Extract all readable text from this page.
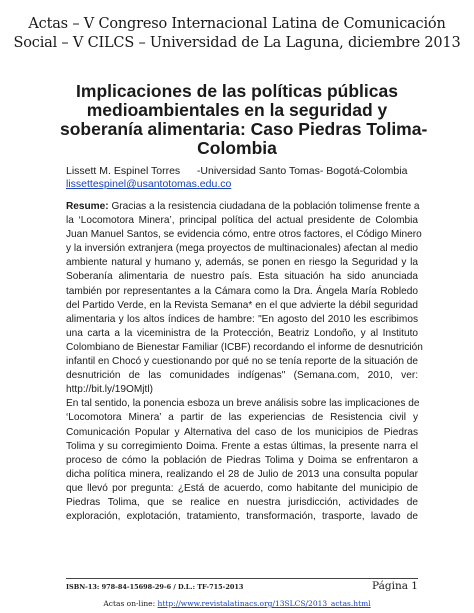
Actas – V Congreso Internacional Latina de Comunicación
Social – V CILCS – Universidad de La Laguna, diciembre 2013
Implicaciones de las políticas públicas
medioambientales en la seguridad y
soberanía alimentaria: Caso Piedras Tolima-
Colombia
Lissett M. Espinel Torres -Universidad Santo Tomas- Bogotá-Colombia
lissettespinel@usantotomas.edu.co
Resume: Gracias a la resistencia ciudadana de la población tolimense frente a
la ‘Locomotora Minera’, principal política del actual presidente de Colombia
Juan Manuel Santos, se evidencia cómo, entre otros factores, el Código Minero
y la inversión extranjera (mega proyectos de multinacionales) afectan al medio
ambiente natural y humano y, además, se ponen en riesgo la Seguridad y la
Soberanía alimentaria de nuestro país. Esta situación ha sido anunciada
también por representantes a la Cámara como la Dra. Ángela María Robledo
del Partido Verde, en la Revista Semana* en el que advierte la débil seguridad
alimentaria y los altos índices de hambre: "En agosto del 2010 les escribimos
una carta a la viceministra de la Protección, Beatriz Londoño, y al Instituto
Colombiano de Bienestar Familiar (ICBF) recordando el informe de desnutrición
infantil en Chocó y cuestionando por qué no se tenía reporte de la situación de
desnutrición de las comunidades indígenas" (Semana.com, 2010, ver:
http://bit.ly/19OMjtl)
En tal sentido, la ponencia esboza un breve análisis sobre las implicaciones de
‘Locomotora Minera’ a partir de las experiencias de Resistencia civil y
Comunicación Popular y Alternativa del caso de los municipios de Piedras
Tolima y su corregimiento Doima. Frente a estas últimas, la presente narra el
proceso de cómo la población de Piedras Tolima y Doima se enfrentaron a
dicha política minera, realizando el 28 de Julio de 2013 una consulta popular
que llevó por pregunta: ¿Está de acuerdo, como habitante del municipio de
Piedras Tolima, que se realice en nuestra jurisdicción, actividades de
exploración, explotación, tratamiento, transformación, trasporte, lavado de
ISBN-13: 978-84-15698-29-6 / D.L.: TF-715-2013	Página 1
Actas on-line: http://www.revistalatinacs.org/13SLCS/2013_actas.html
